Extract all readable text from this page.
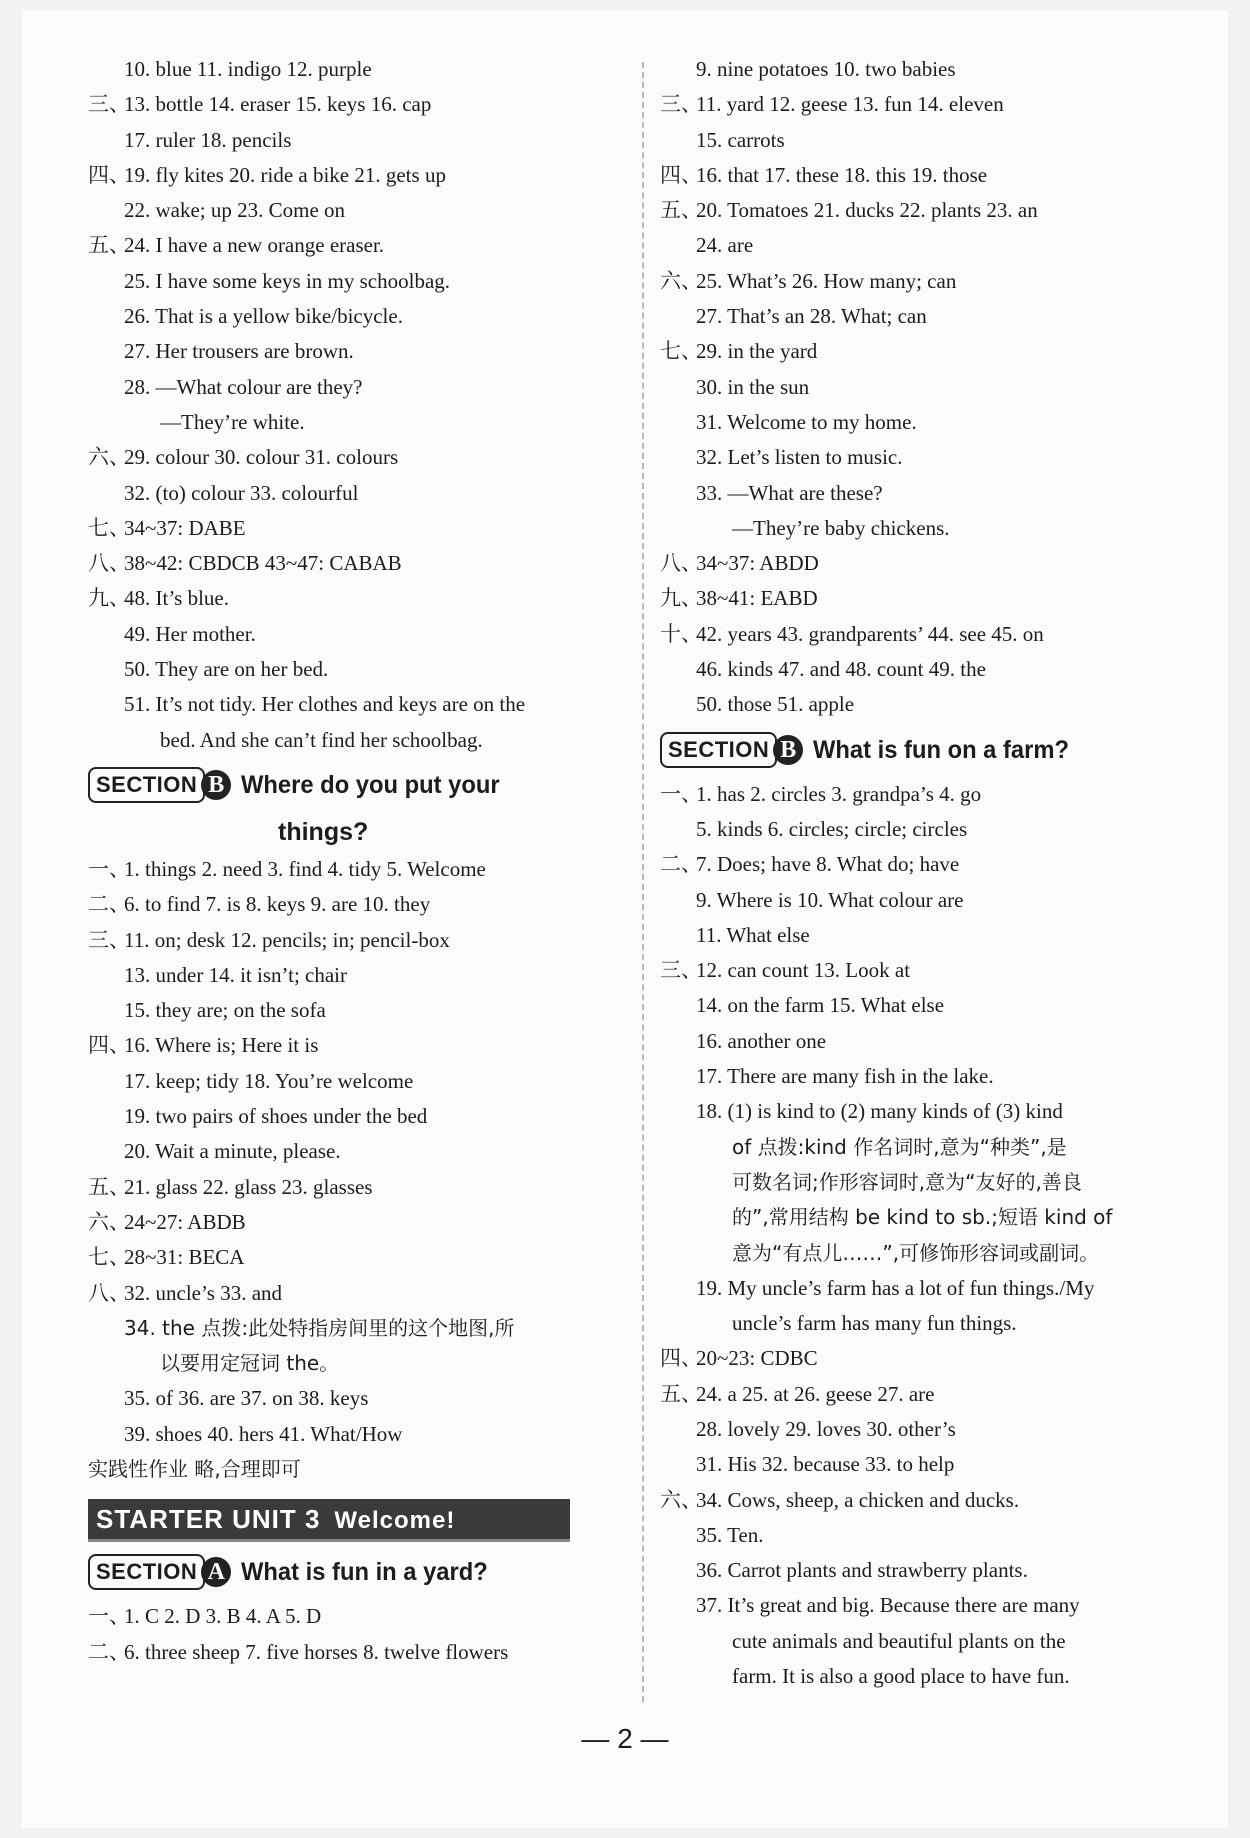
10. blue 11. indigo 12. purple
三、13. bottle 14. eraser 15. keys 16. cap
17. ruler 18. pencils
四、19. fly kites 20. ride a bike 21. gets up
22. wake; up 23. Come on
五、24. I have a new orange eraser.
25. I have some keys in my schoolbag.
26. That is a yellow bike/bicycle.
27. Her trousers are brown.
28. —What colour are they?
—They’re white.
六、29. colour 30. colour 31. colours
32. (to) colour 33. colourful
七、34~37: DABE
八、38~42: CBDCB 43~47: CABAB
九、48. It’s blue.
49. Her mother.
50. They are on her bed.
51. It’s not tidy. Her clothes and keys are on the
bed. And she can’t find her schoolbag.
SECTION B Where do you put your
things?
一、1. things 2. need 3. find 4. tidy 5. Welcome
二、6. to find 7. is 8. keys 9. are 10. they
三、11. on; desk 12. pencils; in; pencil-box
13. under 14. it isn’t; chair
15. they are; on the sofa
四、16. Where is; Here it is
17. keep; tidy 18. You’re welcome
19. two pairs of shoes under the bed
20. Wait a minute, please.
五、21. glass 22. glass 23. glasses
六、24~27: ABDB
七、28~31: BECA
八、32. uncle’s 33. and
34. the 点拨:此处特指房间里的这个地图,所
以要用定冠词 the。
35. of 36. are 37. on 38. keys
39. shoes 40. hers 41. What/How
实践性作业 略,合理即可
STARTER UNIT 3 Welcome!
SECTION A What is fun in a yard?
一、1. C 2. D 3. B 4. A 5. D
二、6. three sheep 7. five horses 8. twelve flowers
9. nine potatoes 10. two babies
三、11. yard 12. geese 13. fun 14. eleven
15. carrots
四、16. that 17. these 18. this 19. those
五、20. Tomatoes 21. ducks 22. plants 23. an
24. are
六、25. What’s 26. How many; can
27. That’s an 28. What; can
七、29. in the yard
30. in the sun
31. Welcome to my home.
32. Let’s listen to music.
33. —What are these?
—They’re baby chickens.
八、34~37: ABDD
九、38~41: EABD
十、42. years 43. grandparents’ 44. see 45. on
46. kinds 47. and 48. count 49. the
50. those 51. apple
SECTION B What is fun on a farm?
一、1. has 2. circles 3. grandpa’s 4. go
5. kinds 6. circles; circle; circles
二、7. Does; have 8. What do; have
9. Where is 10. What colour are
11. What else
三、12. can count 13. Look at
14. on the farm 15. What else
16. another one
17. There are many fish in the lake.
18. (1) is kind to (2) many kinds of (3) kind
of 点拨:kind 作名词时,意为“种类”,是
可数名词;作形容词时,意为“友好的,善良
的”,常用结构 be kind to sb.;短语 kind of
意为“有点儿……”,可修饰形容词或副词。
19. My uncle’s farm has a lot of fun things./My
uncle’s farm has many fun things.
四、20~23: CDBC
五、24. a 25. at 26. geese 27. are
28. lovely 29. loves 30. other’s
31. His 32. because 33. to help
六、34. Cows, sheep, a chicken and ducks.
35. Ten.
36. Carrot plants and strawberry plants.
37. It’s great and big. Because there are many
cute animals and beautiful plants on the
farm. It is also a good place to have fun.
— 2 —
